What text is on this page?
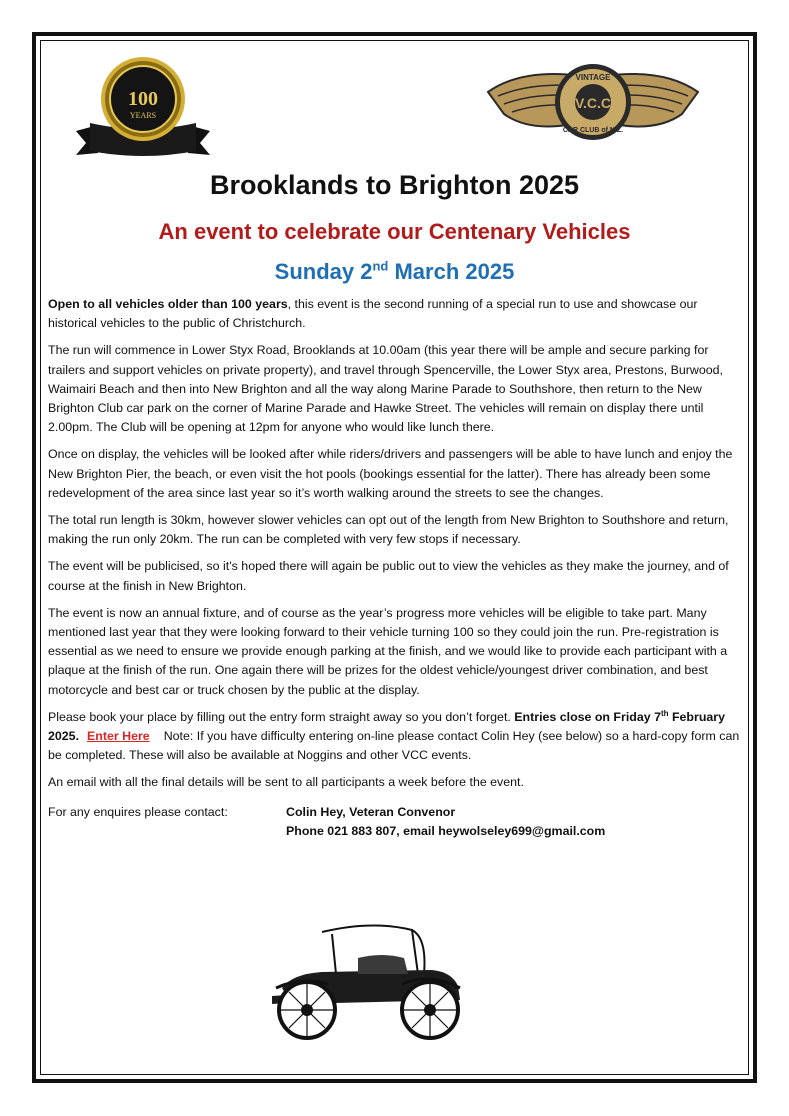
100
YEARS
V.C.C
VINTAGE
CAR CLUB of N.Z.
Brooklands to Brighton 2025
An event to celebrate our Centenary Vehicles
Sunday 2nd March 2025

Open to all vehicles older than 100 years, this event is the second running of a special run to use and showcase our historical vehicles to the public of Christchurch.

The run will commence in Lower Styx Road, Brooklands at 10.00am (this year there will be ample and secure parking for trailers and support vehicles on private property), and travel through Spencerville, the Lower Styx area, Prestons, Burwood, Waimairi Beach and then into New Brighton and all the way along Marine Parade to Southshore, then return to the New Brighton Club car park on the corner of Marine Parade and Hawke Street. The vehicles will remain on display there until 2.00pm. The Club will be opening at 12pm for anyone who would like lunch there.

Once on display, the vehicles will be looked after while riders/drivers and passengers will be able to have lunch and enjoy the New Brighton Pier, the beach, or even visit the hot pools (bookings essential for the latter). There has already been some redevelopment of the area since last year so it’s worth walking around the streets to see the changes.

The total run length is 30km, however slower vehicles can opt out of the length from New Brighton to Southshore and return, making the run only 20km. The run can be completed with very few stops if necessary.

The event will be publicised, so it’s hoped there will again be public out to view the vehicles as they make the journey, and of course at the finish in New Brighton.

The event is now an annual fixture, and of course as the year’s progress more vehicles will be eligible to take part. Many mentioned last year that they were looking forward to their vehicle turning 100 so they could join the run. Pre-registration is essential as we need to ensure we provide enough parking at the finish, and we would like to provide each participant with a plaque at the finish of the run. One again there will be prizes for the oldest vehicle/youngest driver combination, and best motorcycle and best car or truck chosen by the public at the display.

Please book your place by filling out the entry form straight away so you don’t forget. Entries close on Friday 7th February 2025. Enter Here Note: If you have difficulty entering on-line please contact Colin Hey (see below) so a hard-copy form can be completed. These will also be available at Noggins and other VCC events.

An email with all the final details will be sent to all participants a week before the event.

For any enquires please contact:	Colin Hey, Veteran Convenor
Phone 021 883 807, email heywolseley699@gmail.com
